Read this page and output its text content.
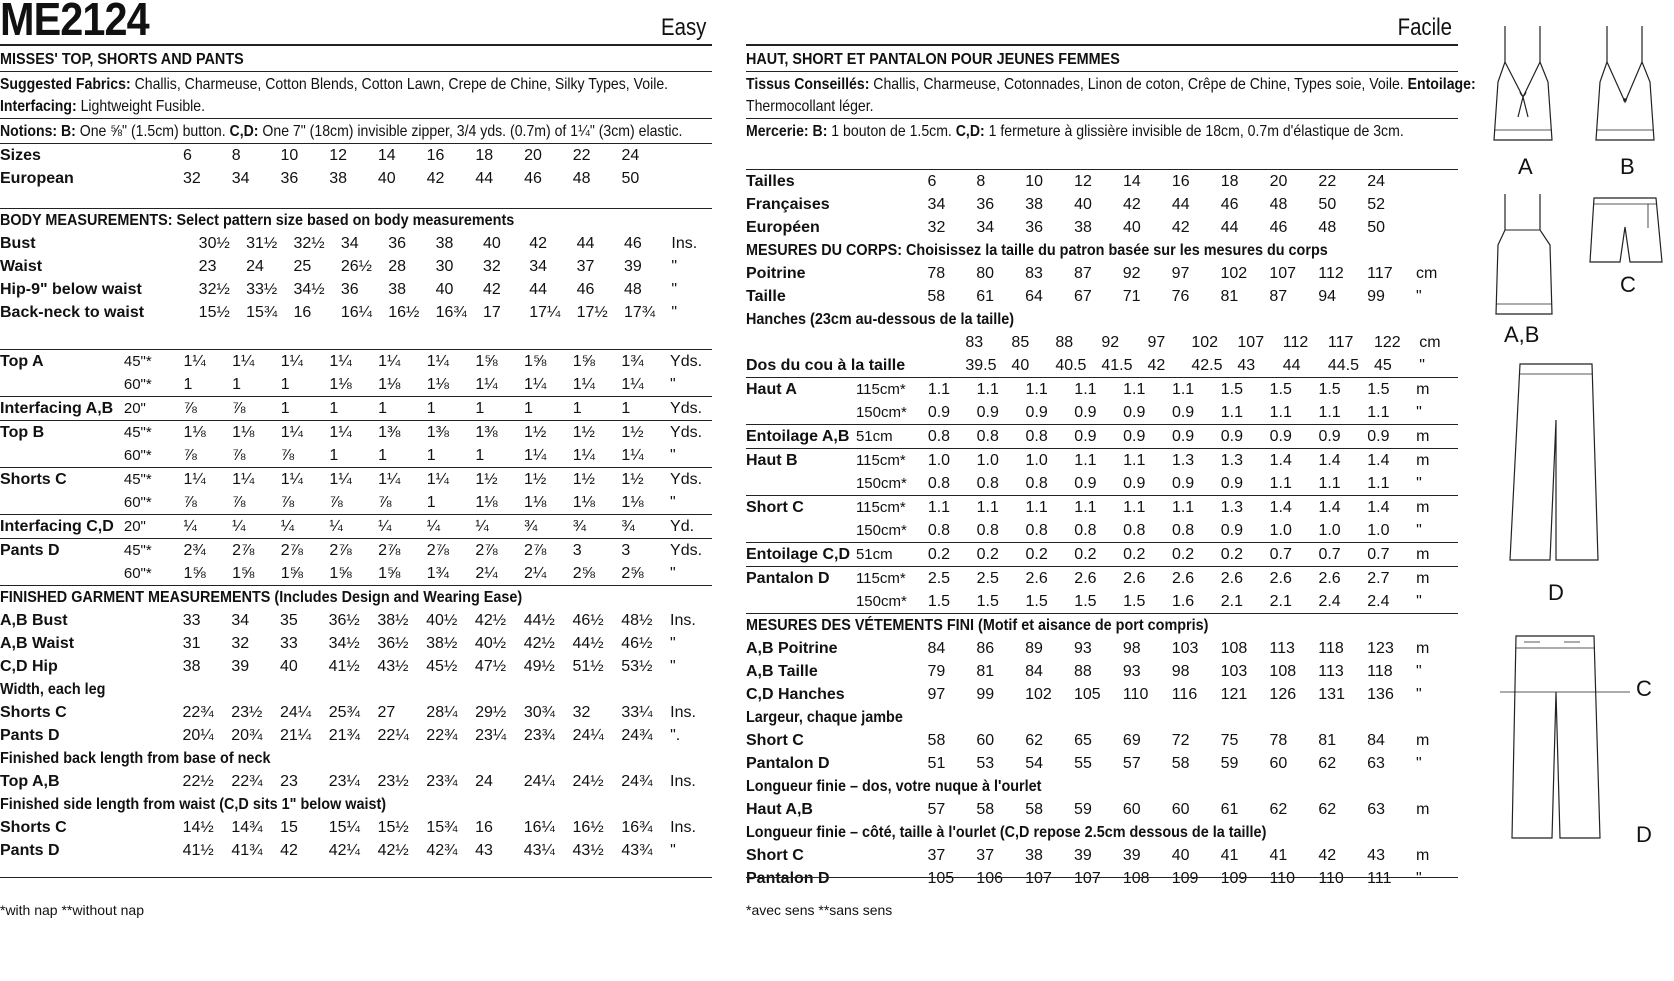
ME2124	Easy
MISSES' TOP, SHORTS AND PANTS
Suggested Fabrics: Challis, Charmeuse, Cotton Blends, Cotton Lawn, Crepe de Chine, Silky Types, Voile.
Interfacing: Lightweight Fusible.
Notions: B: One ⅝" (1.5cm) button. C,D: One 7" (18cm) invisible zipper, 3/4 yds. (0.7m) of 1¼" (3cm) elastic.
Sizes		6	8	10	12	14	16	18	20	22	24	
European		32	34	36	38	40	42	44	46	48	50	
BODY MEASUREMENTS: Select pattern size based on body measurements
Bust		30½	31½	32½	34	36	38	40	42	44	46	Ins.
Waist		23	24	25	26½	28	30	32	34	37	39	"
Hip-9" below waist		32½	33½	34½	36	38	40	42	44	46	48	"
Back-neck to waist		15½	15¾	16	16¼	16½	16¾	17	17¼	17½	17¾	"
Top A	45"*	1¼	1¼	1¼	1¼	1¼	1¼	1⅝	1⅝	1⅝	1¾	Yds.
	60"*	1	1	1	1⅛	1⅛	1⅛	1¼	1¼	1¼	1¼	"
Interfacing A,B	20"	⅞	⅞	1	1	1	1	1	1	1	1	Yds.
Top B	45"*	1⅛	1⅛	1¼	1¼	1⅜	1⅜	1⅜	1½	1½	1½	Yds.
	60"*	⅞	⅞	⅞	1	1	1	1	1¼	1¼	1¼	"
Shorts C	45"*	1¼	1¼	1¼	1¼	1¼	1¼	1½	1½	1½	1½	Yds.
	60"*	⅞	⅞	⅞	⅞	⅞	1	1⅛	1⅛	1⅛	1⅛	"
Interfacing C,D	20"	¼	¼	¼	¼	¼	¼	¼	¾	¾	¾	Yd.
Pants D	45"*	2¾	2⅞	2⅞	2⅞	2⅞	2⅞	2⅞	2⅞	3	3	Yds.
	60"*	1⅝	1⅝	1⅝	1⅝	1⅝	1¾	2¼	2¼	2⅝	2⅝	"
FINISHED GARMENT MEASUREMENTS (Includes Design and Wearing Ease)
A,B Bust		33	34	35	36½	38½	40½	42½	44½	46½	48½	Ins.
A,B Waist		31	32	33	34½	36½	38½	40½	42½	44½	46½	"
C,D Hip		38	39	40	41½	43½	45½	47½	49½	51½	53½	"
Width, each leg
Shorts C		22¾	23½	24¼	25¾	27	28¼	29½	30¾	32	33¼	Ins.
Pants D		20¼	20¾	21¼	21¾	22¼	22¾	23¼	23¾	24¼	24¾	".
Finished back length from base of neck
Top A,B		22½	22¾	23	23¼	23½	23¾	24	24¼	24½	24¾	Ins.
Finished side length from waist (C,D sits 1" below waist)
Shorts C		14½	14¾	15	15¼	15½	15¾	16	16¼	16½	16¾	Ins.
Pants D		41½	41¾	42	42¼	42½	42¾	43	43¼	43½	43¾	"
*with nap **without nap
Facile
HAUT, SHORT ET PANTALON POUR JEUNES FEMMES
Tissus Conseillés: Challis, Charmeuse, Cotonnades, Linon de coton, Crêpe de Chine, Types soie, Voile. Entoilage:
Thermocollant léger.
Mercerie: B: 1 bouton de 1.5cm. C,D: 1 fermeture à glissière invisible de 18cm, 0.7m d'élastique de 3cm.
Tailles		6	8	10	12	14	16	18	20	22	24	
Françaises		34	36	38	40	42	44	46	48	50	52	
Européen		32	34	36	38	40	42	44	46	48	50	
MESURES DU CORPS: Choisissez la taille du patron basée sur les mesures du corps
Poitrine		78	80	83	87	92	97	102	107	112	117	cm
Taille		58	61	64	67	71	76	81	87	94	99	"
Hanches (23cm au-dessous de la taille)
		83	85	88	92	97	102	107	112	117	122	cm
Dos du cou à la taille		39.5	40	40.5	41.5	42	42.5	43	44	44.5	45	"
Haut A	115cm*	1.1	1.1	1.1	1.1	1.1	1.1	1.5	1.5	1.5	1.5	m
	150cm*	0.9	0.9	0.9	0.9	0.9	0.9	1.1	1.1	1.1	1.1	"
Entoilage A,B	51cm	0.8	0.8	0.8	0.9	0.9	0.9	0.9	0.9	0.9	0.9	m
Haut B	115cm*	1.0	1.0	1.0	1.1	1.1	1.3	1.3	1.4	1.4	1.4	m
	150cm*	0.8	0.8	0.8	0.9	0.9	0.9	0.9	1.1	1.1	1.1	"
Short C	115cm*	1.1	1.1	1.1	1.1	1.1	1.1	1.3	1.4	1.4	1.4	m
	150cm*	0.8	0.8	0.8	0.8	0.8	0.8	0.9	1.0	1.0	1.0	"
Entoilage C,D	51cm	0.2	0.2	0.2	0.2	0.2	0.2	0.2	0.7	0.7	0.7	m
Pantalon D	115cm*	2.5	2.5	2.6	2.6	2.6	2.6	2.6	2.6	2.6	2.7	m
	150cm*	1.5	1.5	1.5	1.5	1.5	1.6	2.1	2.1	2.4	2.4	"
MESURES DES VÉTEMENTS FINI (Motif et aisance de port compris)
A,B Poitrine		84	86	89	93	98	103	108	113	118	123	m
A,B Taille		79	81	84	88	93	98	103	108	113	118	"
C,D Hanches		97	99	102	105	110	116	121	126	131	136	"
Largeur, chaque jambe
Short C		58	60	62	65	69	72	75	78	81	84	m
Pantalon D		51	53	54	55	57	58	59	60	62	63	"
Longueur finie – dos, votre nuque à l'ourlet
Haut A,B		57	58	58	59	60	60	61	62	62	63	m
Longueur finie – côté, taille à l'ourlet (C,D repose 2.5cm dessous de la taille)
Short C		37	37	38	39	39	40	41	41	42	43	m
Pantalon D		105	106	107	107	108	109	109	110	110	111	"
*avec sens **sans sens
A	B
A,B
C
D
C
D
